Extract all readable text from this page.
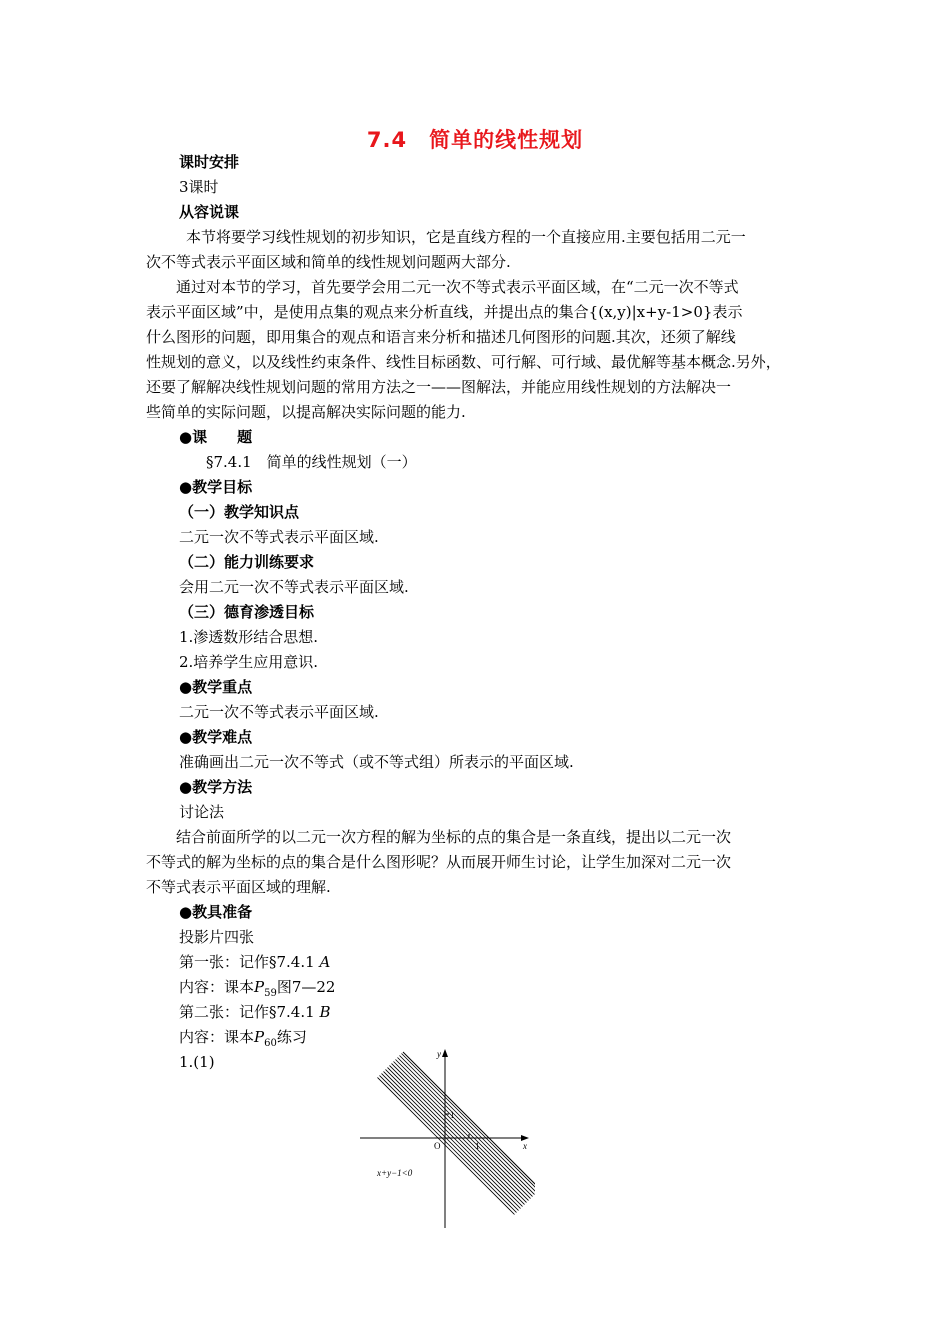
7.4 简单的线性规划
课时安排
3课时
从容说课
本节将要学习线性规划的初步知识，它是直线方程的一个直接应用.主要包括用二元一
次不等式表示平面区域和简单的线性规划问题两大部分.
通过对本节的学习，首先要学会用二元一次不等式表示平面区域，在“二元一次不等式
表示平面区域”中，是使用点集的观点来分析直线，并提出点的集合{(x,y)|x+y-1>0}表示
什么图形的问题，即用集合的观点和语言来分析和描述几何图形的问题.其次，还须了解线
性规划的意义，以及线性约束条件、线性目标函数、可行解、可行域、最优解等基本概念.另外，
还要了解解决线性规划问题的常用方法之一——图解法，并能应用线性规划的方法解决一
些简单的实际问题，以提高解决实际问题的能力.
●课　　题
§7.4.1　简单的线性规划（一）
●教学目标
（一）教学知识点
二元一次不等式表示平面区域.
（二）能力训练要求
会用二元一次不等式表示平面区域.
（三）德育渗透目标
1.渗透数形结合思想.
2.培养学生应用意识.
●教学重点
二元一次不等式表示平面区域.
●教学难点
准确画出二元一次不等式（或不等式组）所表示的平面区域.
●教学方法
讨论法
结合前面所学的以二元一次方程的解为坐标的点的集合是一条直线，提出以二元一次
不等式的解为坐标的点的集合是什么图形呢？从而展开师生讨论，让学生加深对二元一次
不等式表示平面区域的理解.
●教具准备
投影片四张
第一张：记作§7.4.1 A
内容：课本$P_{59}$图7—22
第二张：记作§7.4.1 B
内容：课本$P_{60}$练习
1.(1)	y
x
O
1
1
x+y−1<0
